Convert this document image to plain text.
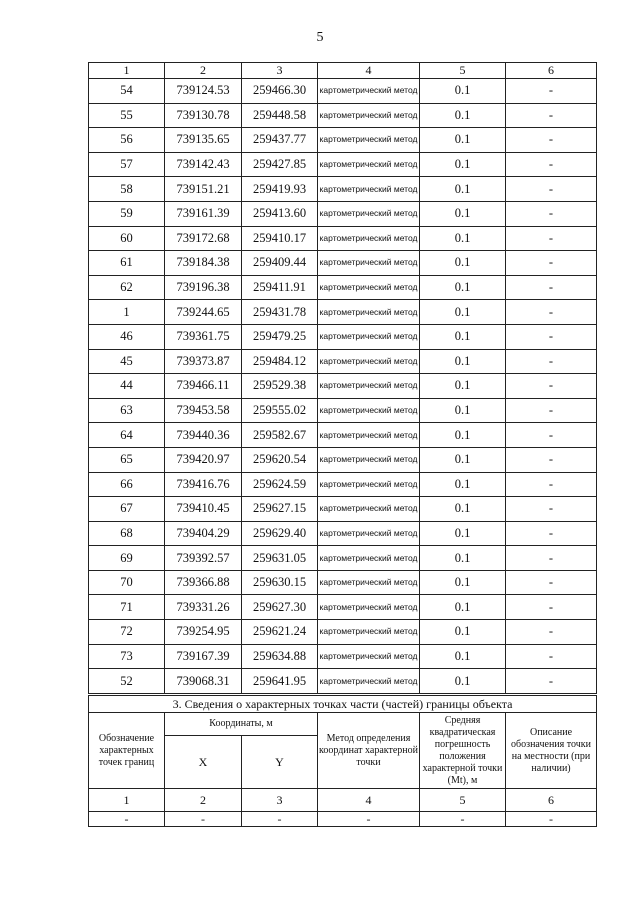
5
1	2	3	4	5	6
54	739124.53	259466.30	картометрический метод	0.1	-
55	739130.78	259448.58	картометрический метод	0.1	-
56	739135.65	259437.77	картометрический метод	0.1	-
57	739142.43	259427.85	картометрический метод	0.1	-
58	739151.21	259419.93	картометрический метод	0.1	-
59	739161.39	259413.60	картометрический метод	0.1	-
60	739172.68	259410.17	картометрический метод	0.1	-
61	739184.38	259409.44	картометрический метод	0.1	-
62	739196.38	259411.91	картометрический метод	0.1	-
1	739244.65	259431.78	картометрический метод	0.1	-
46	739361.75	259479.25	картометрический метод	0.1	-
45	739373.87	259484.12	картометрический метод	0.1	-
44	739466.11	259529.38	картометрический метод	0.1	-
63	739453.58	259555.02	картометрический метод	0.1	-
64	739440.36	259582.67	картометрический метод	0.1	-
65	739420.97	259620.54	картометрический метод	0.1	-
66	739416.76	259624.59	картометрический метод	0.1	-
67	739410.45	259627.15	картометрический метод	0.1	-
68	739404.29	259629.40	картометрический метод	0.1	-
69	739392.57	259631.05	картометрический метод	0.1	-
70	739366.88	259630.15	картометрический метод	0.1	-
71	739331.26	259627.30	картометрический метод	0.1	-
72	739254.95	259621.24	картометрический метод	0.1	-
73	739167.39	259634.88	картометрический метод	0.1	-
52	739068.31	259641.95	картометрический метод	0.1	-
3. Сведения о характерных точках части (частей) границы объекта					
Обозначение характерных точек границ	Координаты, м		Метод определения координат характерной точки	Средняя квадратическая погрешность положения характерной точки (Mt), м	Описание обозначения точки на местности (при наличии)
	X	Y			
1	2	3	4	5	6
-	-	-	-	-	-
